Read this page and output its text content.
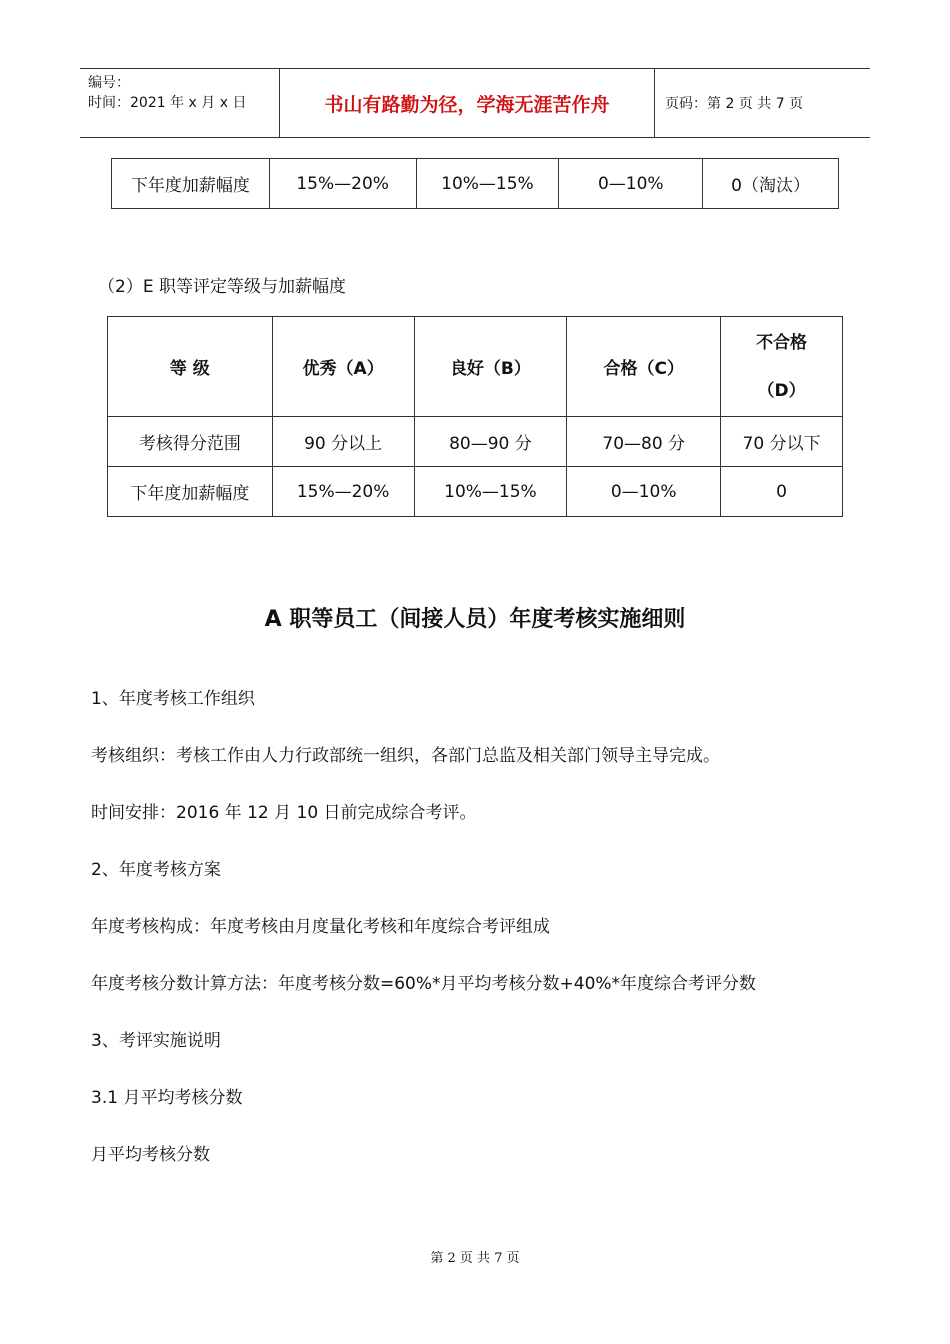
编号：
时间：2021 年 x 月 x 日	书山有路勤为径，学海无涯苦作舟	页码：第 2 页 共 7 页
下年度加薪幅度	15%—20%	10%—15%	0—10%	0（淘汰）
（2）E 职等评定等级与加薪幅度
等 级	优秀（A）	良好（B）	合格（C）	不合格
（D）

考核得分范围	90 分以上	80—90 分	70—80 分	70 分以下
下年度加薪幅度	15%—20%	10%—15%	0—10%	0
A 职等员工（间接人员）年度考核实施细则
1、年度考核工作组织
考核组织：考核工作由人力行政部统一组织，各部门总监及相关部门领导主导完成。
时间安排：2016 年 12 月 10 日前完成综合考评。
2、年度考核方案
年度考核构成：年度考核由月度量化考核和年度综合考评组成
年度考核分数计算方法：年度考核分数=60%*月平均考核分数+40%*年度综合考评分数
3、考评实施说明
3.1 月平均考核分数
月平均考核分数
第 2 页 共 7 页
